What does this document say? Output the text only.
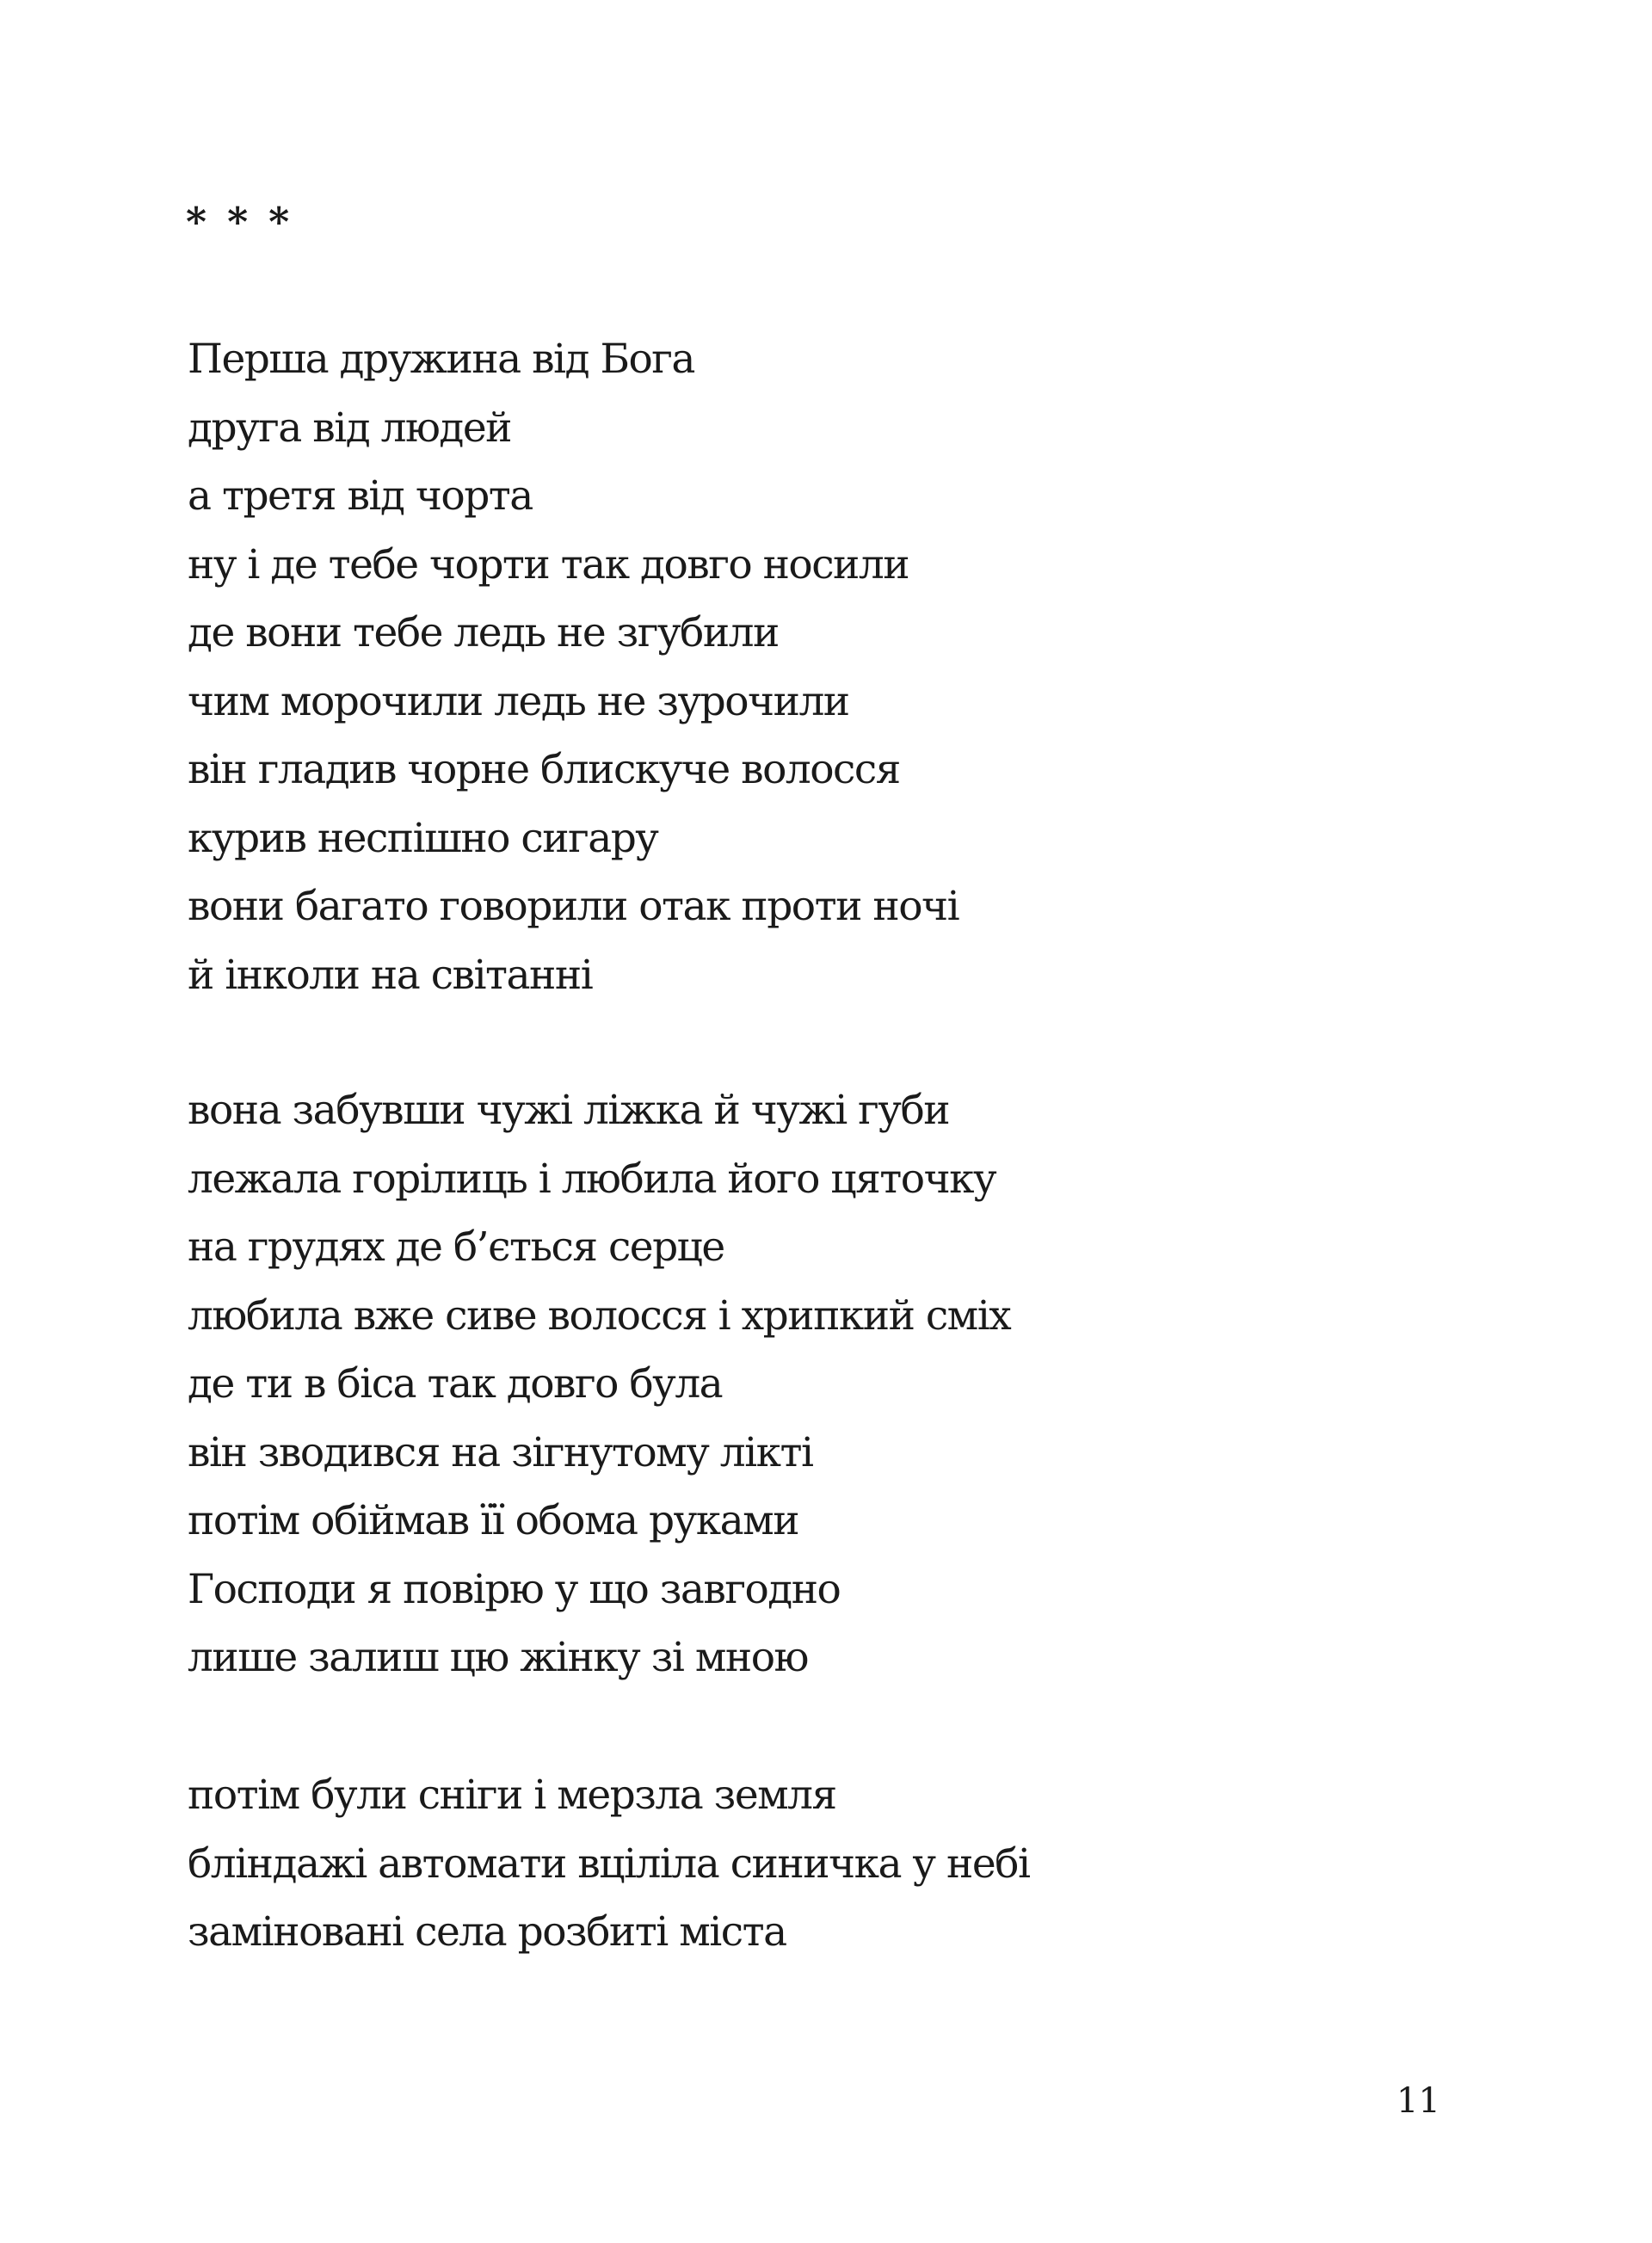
* * *
Перша дружина від Бога
друга від людей
а третя від чорта
ну і де тебе чорти так довго носили
де вони тебе ледь не згубили
чим морочили ледь не зурочили
він гладив чорне блискуче волосся
курив неспішно сигару
вони багато говорили отак проти ночі
й інколи на світанні
вона забувши чужі ліжка й чужі губи
лежала горілиць і любила його цяточку
на грудях де б’ється серце
любила вже сиве волосся і хрипкий сміх
де ти в біса так довго була
він зводився на зігнутому лікті
потім обіймав її обома руками
Господи я повірю у що завгодно
лише залиш цю жінку зі мною
потім були сніги і мерзла земля
бліндажі автомати вціліла синичка у небі
заміновані села розбиті міста
11
